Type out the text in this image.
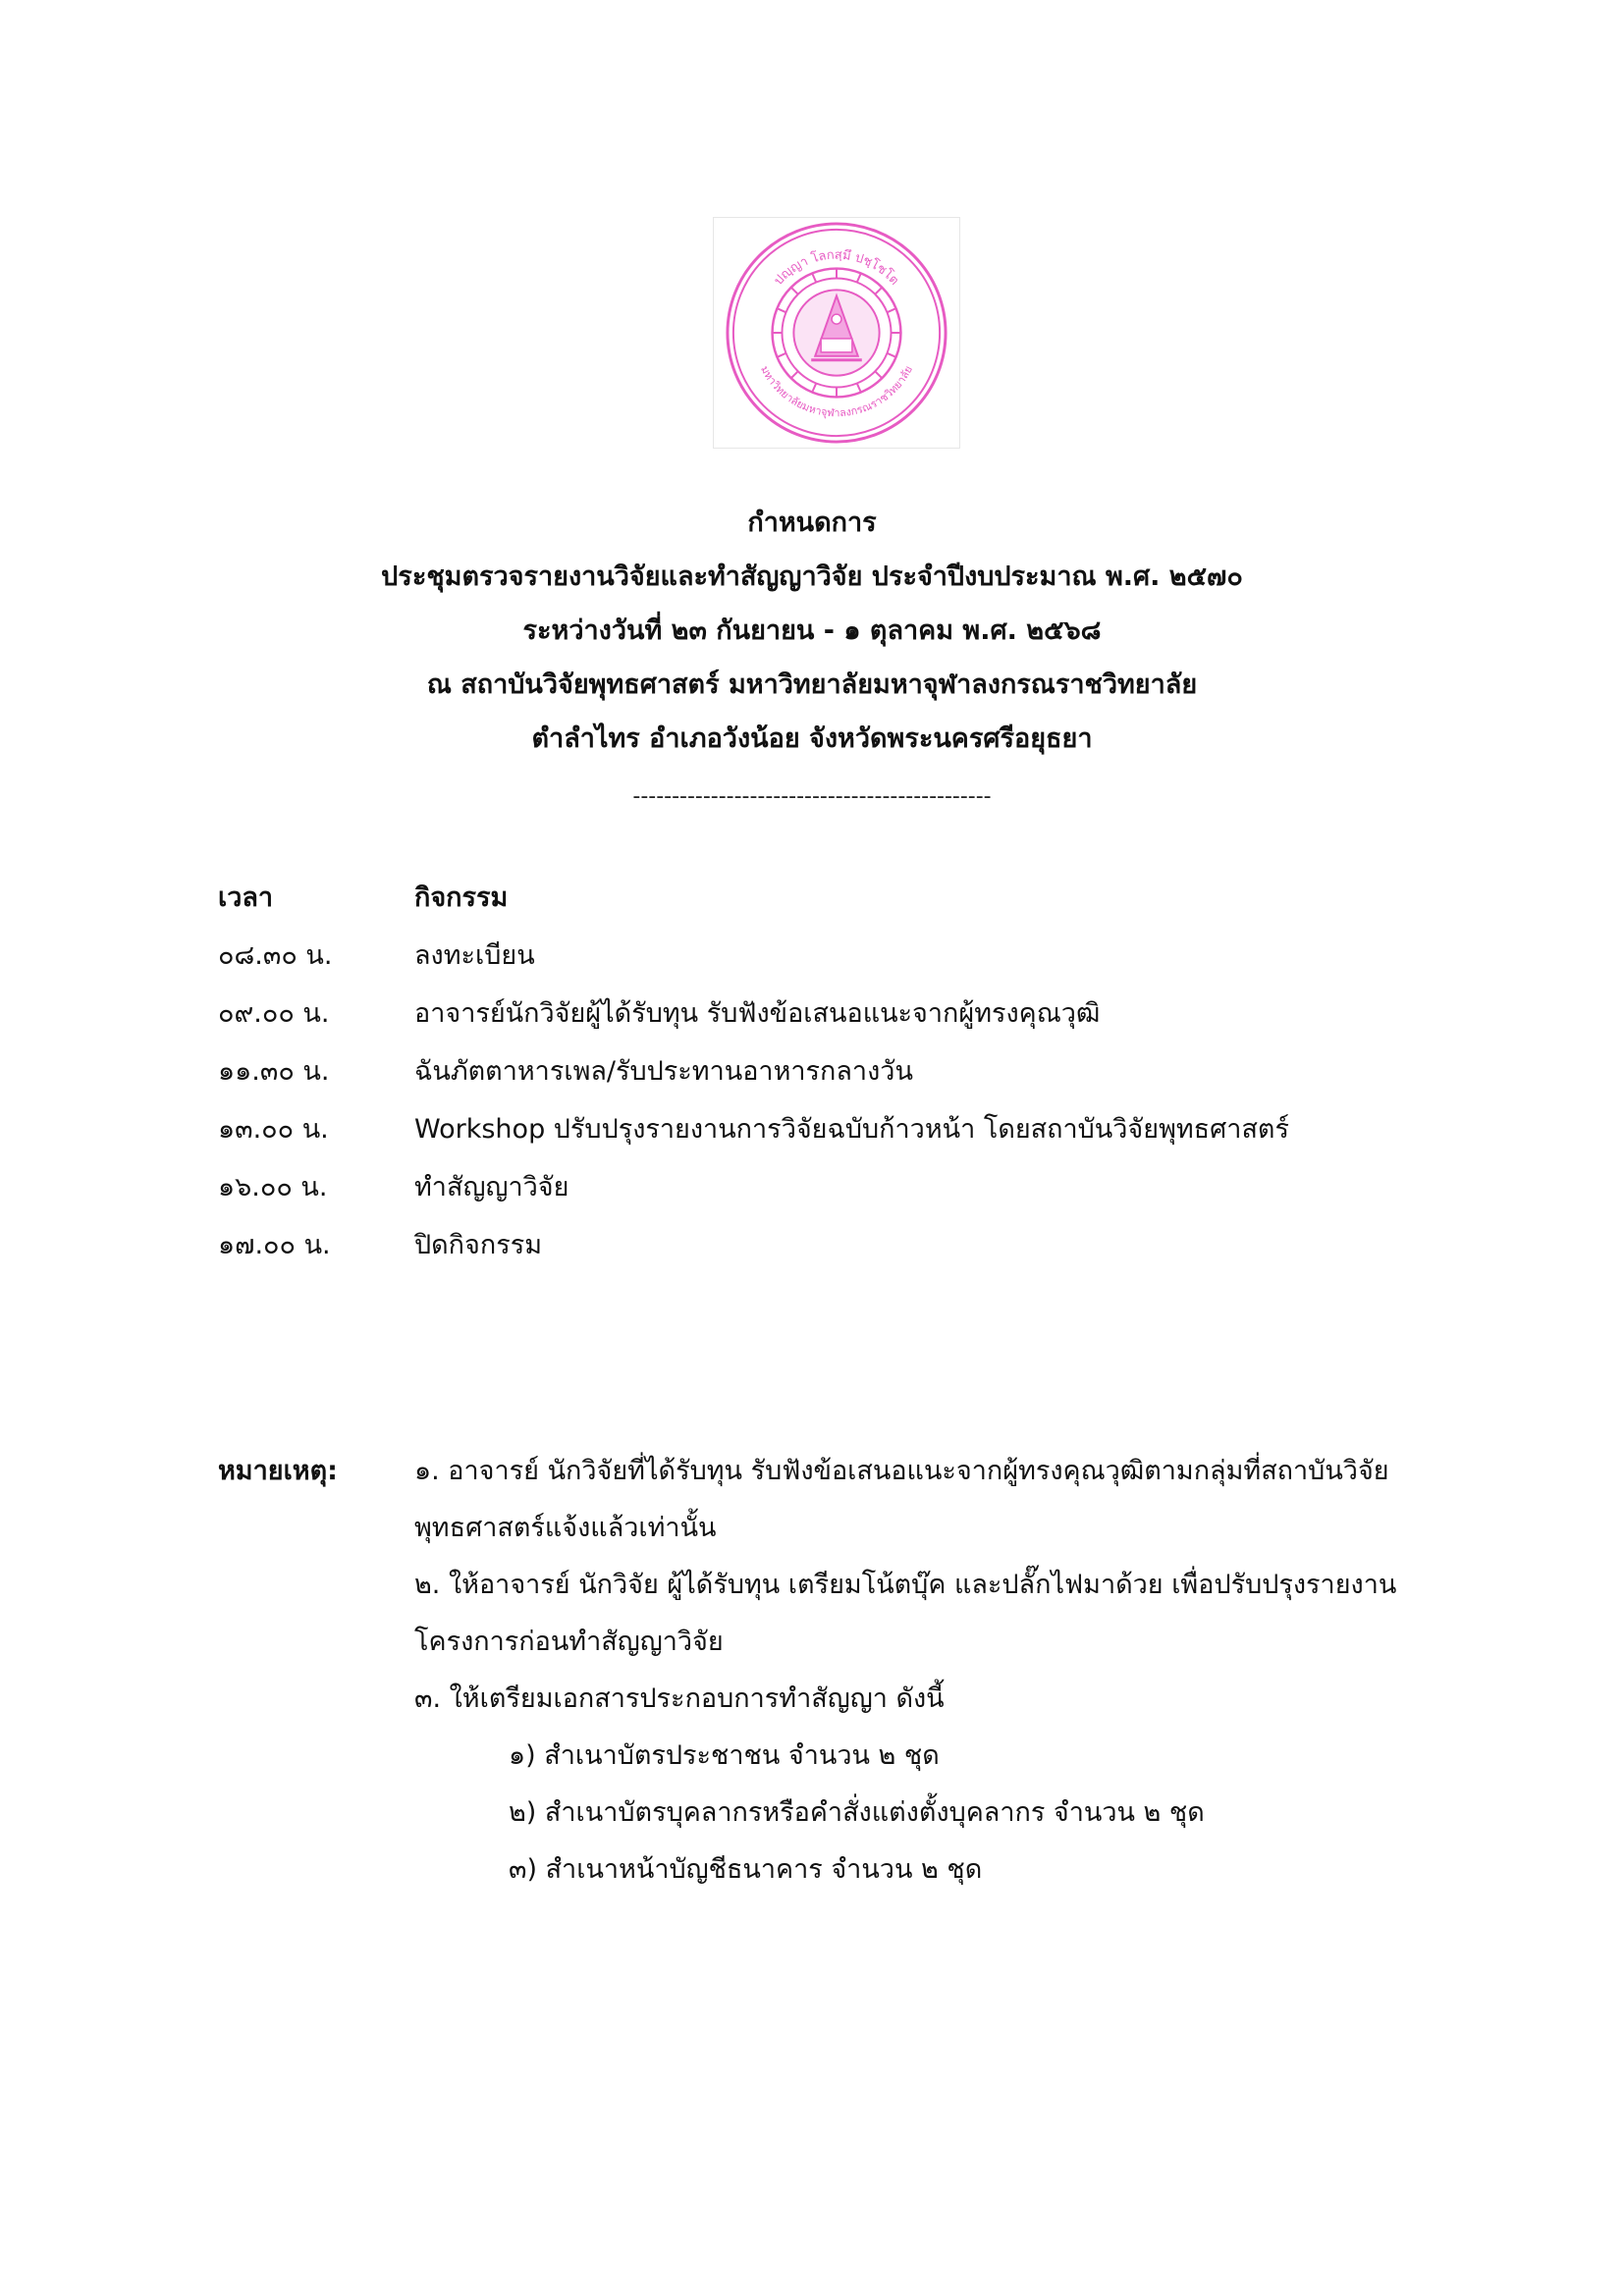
ปญฺญา โลกสฺมึ ปชฺโชโต
มหาวิทยาลัยมหาจุฬาลงกรณราชวิทยาลัย
กำหนดการ
ประชุมตรวจรายงานวิจัยและทำสัญญาวิจัย ประจำปีงบประมาณ พ.ศ. ๒๕๗๐
ระหว่างวันที่ ๒๓ กันยายน - ๑ ตุลาคม พ.ศ. ๒๕๖๘
ณ สถาบันวิจัยพุทธศาสตร์ มหาวิทยาลัยมหาจุฬาลงกรณราชวิทยาลัย
ตำลำไทร อำเภอวังน้อย จังหวัดพระนครศรีอยุธยา
----------------------------------------------
เวลา	กิจกรรม
๐๘.๓๐ น.	ลงทะเบียน
๐๙.๐๐ น.	อาจารย์นักวิจัยผู้ได้รับทุน รับฟังข้อเสนอแนะจากผู้ทรงคุณวุฒิ
๑๑.๓๐ น.	ฉันภัตตาหารเพล/รับประทานอาหารกลางวัน
๑๓.๐๐ น.	Workshop ปรับปรุงรายงานการวิจัยฉบับก้าวหน้า โดยสถาบันวิจัยพุทธศาสตร์
๑๖.๐๐ น.	ทำสัญญาวิจัย
๑๗.๐๐ น.	ปิดกิจกรรม
หมายเหตุ:	๑. อาจารย์ นักวิจัยที่ได้รับทุน รับฟังข้อเสนอแนะจากผู้ทรงคุณวุฒิตามกลุ่มที่สถาบันวิจัย
พุทธศาสตร์แจ้งแล้วเท่านั้น
๒. ให้อาจารย์ นักวิจัย ผู้ได้รับทุน เตรียมโน้ตบุ๊ค และปลั๊กไฟมาด้วย เพื่อปรับปรุงรายงาน
โครงการก่อนทำสัญญาวิจัย
๓. ให้เตรียมเอกสารประกอบการทำสัญญา ดังนี้
๑) สำเนาบัตรประชาชน จำนวน ๒ ชุด
๒) สำเนาบัตรบุคลากรหรือคำสั่งแต่งตั้งบุคลากร จำนวน ๒ ชุด
๓) สำเนาหน้าบัญชีธนาคาร จำนวน ๒ ชุด
